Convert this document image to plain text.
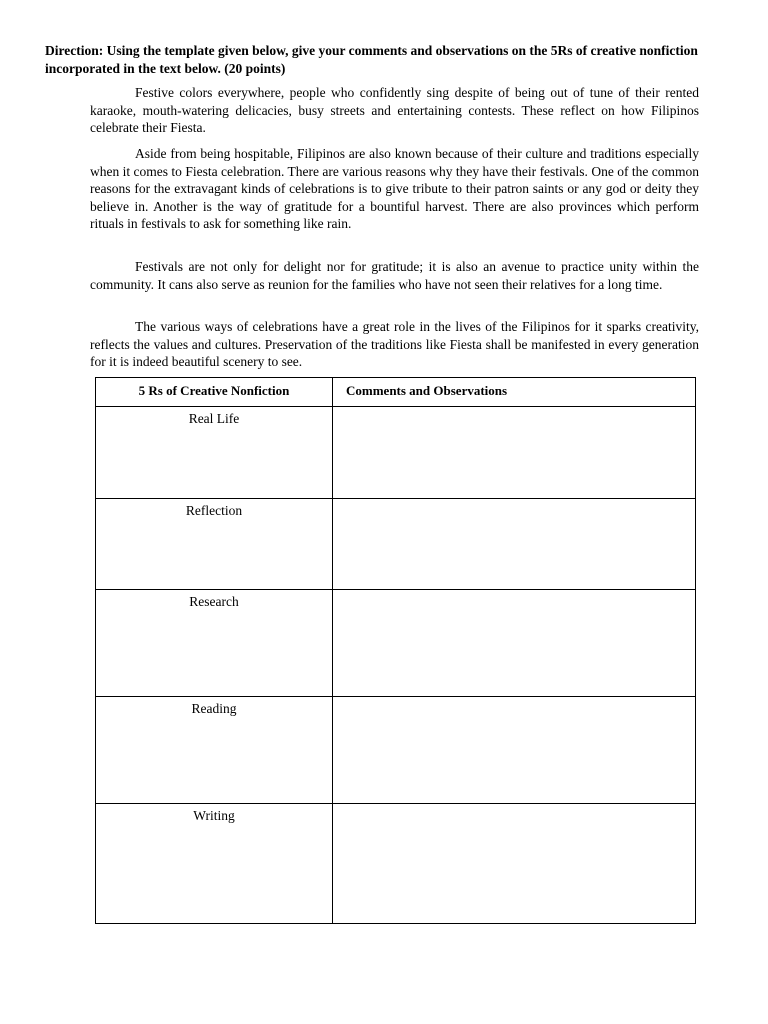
Direction: Using the template given below, give your comments and observations on the 5Rs of creative nonfiction incorporated in the text below. (20 points)

Festive colors everywhere, people who confidently sing despite of being out of tune of their rented karaoke, mouth-watering delicacies, busy streets and entertaining contests. These reflect on how Filipinos celebrate their Fiesta.

Aside from being hospitable, Filipinos are also known because of their culture and traditions especially when it comes to Fiesta celebration. There are various reasons why they have their festivals. One of the common reasons for the extravagant kinds of celebrations is to give tribute to their patron saints or any god or deity they believe in. Another is the way of gratitude for a bountiful harvest. There are also provinces which perform rituals in festivals to ask for something like rain.

Festivals are not only for delight nor for gratitude; it is also an avenue to practice unity within the community. It cans also serve as reunion for the families who have not seen their relatives for a long time.

The various ways of celebrations have a great role in the lives of the Filipinos for it sparks creativity, reflects the values and cultures. Preservation of the traditions like Fiesta shall be manifested in every generation for it is indeed beautiful scenery to see.

5 Rs of Creative Nonfiction	Comments and Observations
Real Life
Reflection
Research
Reading
Writing
